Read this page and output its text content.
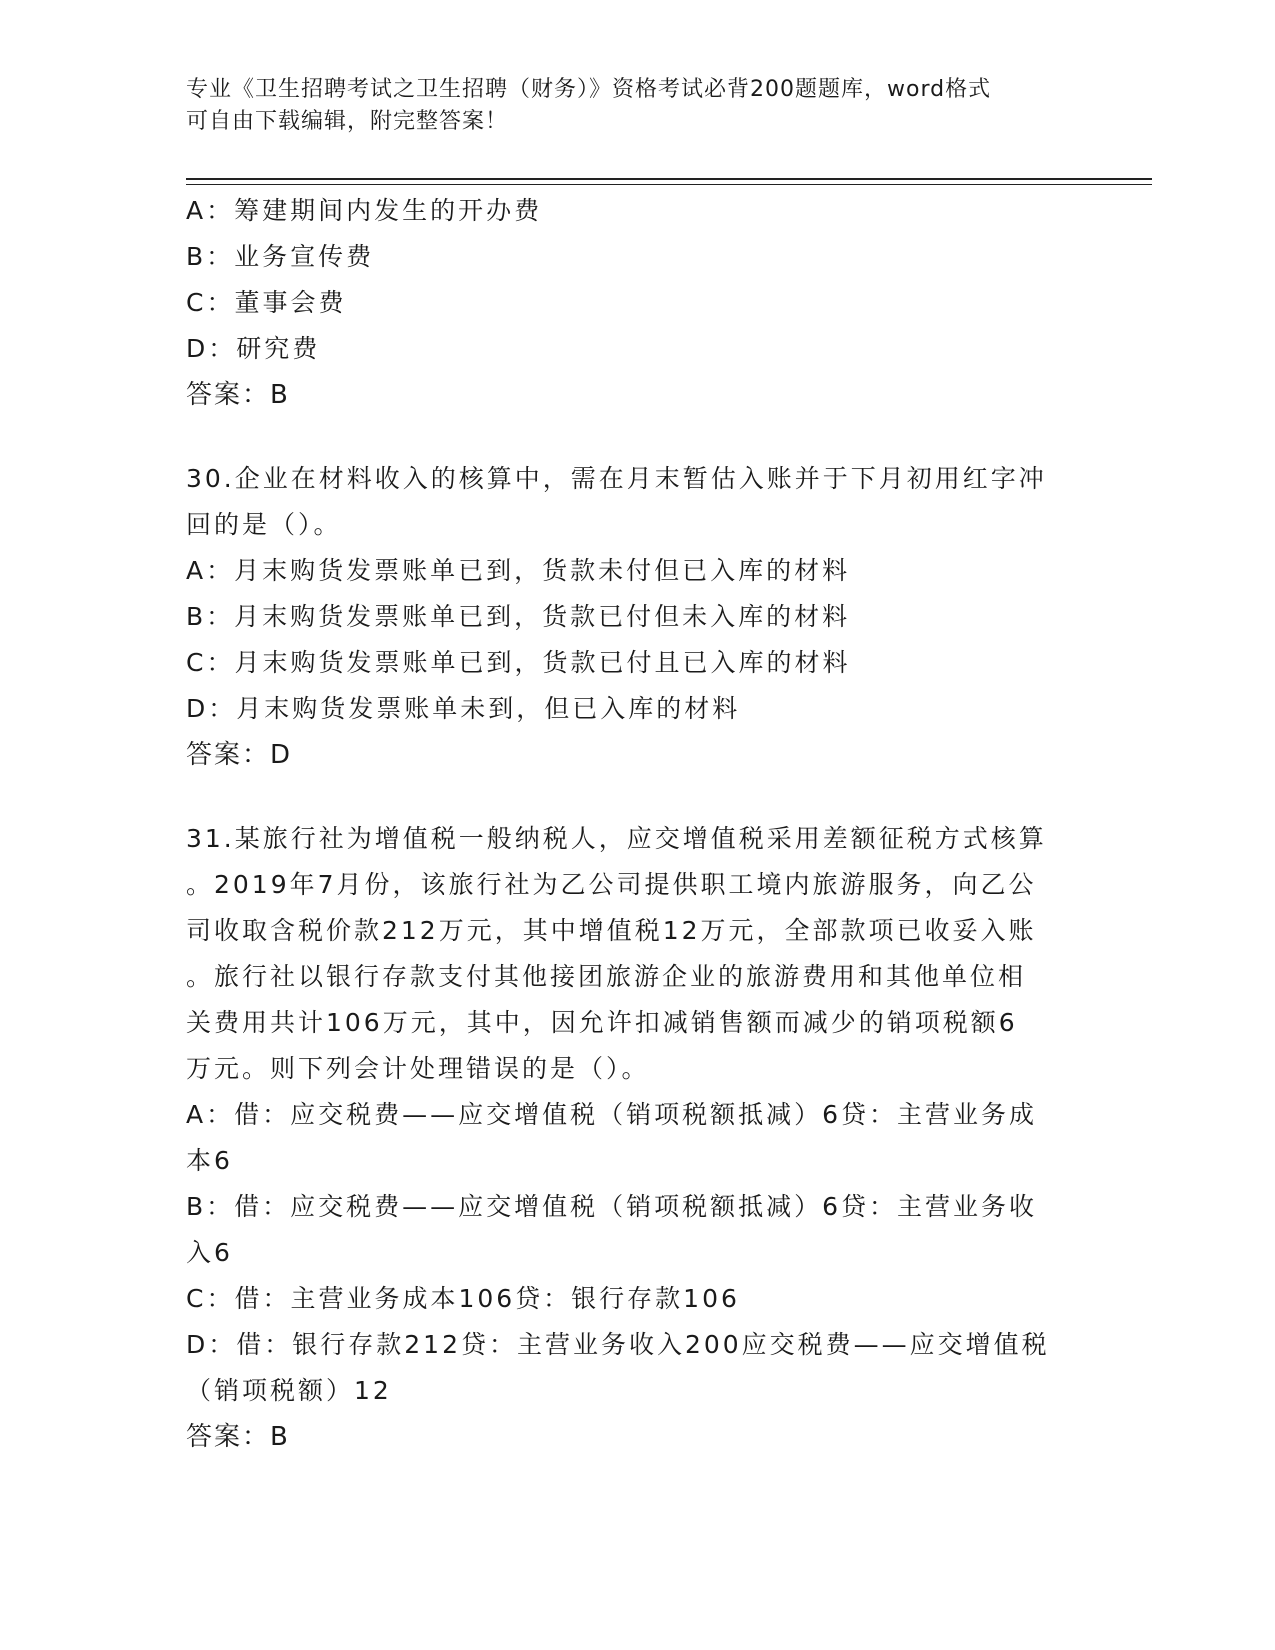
专业《卫生招聘考试之卫生招聘（财务）》资格考试必背200题题库，word格式
可自由下载编辑，附完整答案！
A：筹建期间内发生的开办费
B：业务宣传费
C：董事会费
D：研究费
答案：B
30.企业在材料收入的核算中，需在月末暂估入账并于下月初用红字冲
回的是（）。
A：月末购货发票账单已到，货款未付但已入库的材料
B：月末购货发票账单已到，货款已付但未入库的材料
C：月末购货发票账单已到，货款已付且已入库的材料
D：月末购货发票账单未到，但已入库的材料
答案：D
31.某旅行社为增值税一般纳税人，应交增值税采用差额征税方式核算
。2019年7月份，该旅行社为乙公司提供职工境内旅游服务，向乙公
司收取含税价款212万元，其中增值税12万元，全部款项已收妥入账
。旅行社以银行存款支付其他接团旅游企业的旅游费用和其他单位相
关费用共计106万元，其中，因允许扣减销售额而减少的销项税额6
万元。则下列会计处理错误的是（）。
A：借：应交税费——应交增值税（销项税额抵减）6贷：主营业务成
本6
B：借：应交税费——应交增值税（销项税额抵减）6贷：主营业务收
入6
C：借：主营业务成本106贷：银行存款106
D：借：银行存款212贷：主营业务收入200应交税费——应交增值税
（销项税额）12
答案：B
